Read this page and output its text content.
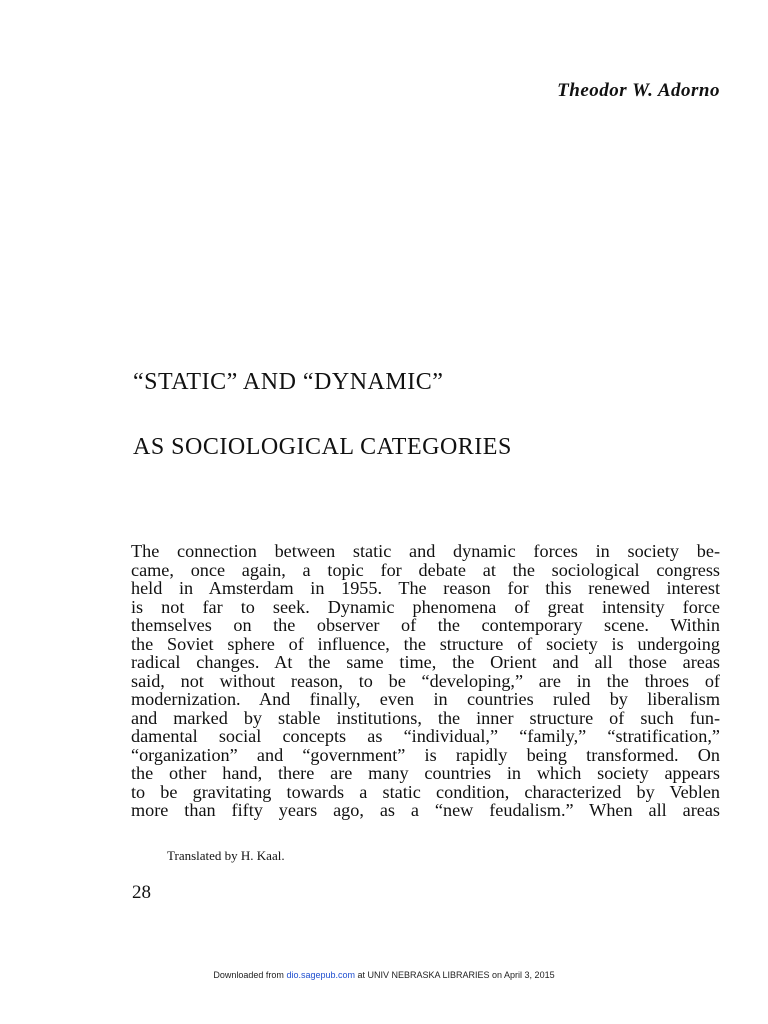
Theodor W. Adorno
“STATIC” AND “DYNAMIC”
AS SOCIOLOGICAL CATEGORIES
The connection between static and dynamic forces in society be-
came, once again, a topic for debate at the sociological congress
held in Amsterdam in 1955. The reason for this renewed interest
is not far to seek. Dynamic phenomena of great intensity force
themselves on the observer of the contemporary scene. Within
the Soviet sphere of influence, the structure of society is undergoing
radical changes. At the same time, the Orient and all those areas
said, not without reason, to be “developing,” are in the throes of
modernization. And finally, even in countries ruled by liberalism
and marked by stable institutions, the inner structure of such fun-
damental social concepts as “individual,” “family,” “stratification,”
“organization” and “government” is rapidly being transformed. On
the other hand, there are many countries in which society appears
to be gravitating towards a static condition, characterized by Veblen
more than fifty years ago, as a “new feudalism.” When all areas
Translated by H. Kaal.
28
Downloaded from dio.sagepub.com at UNIV NEBRASKA LIBRARIES on April 3, 2015
